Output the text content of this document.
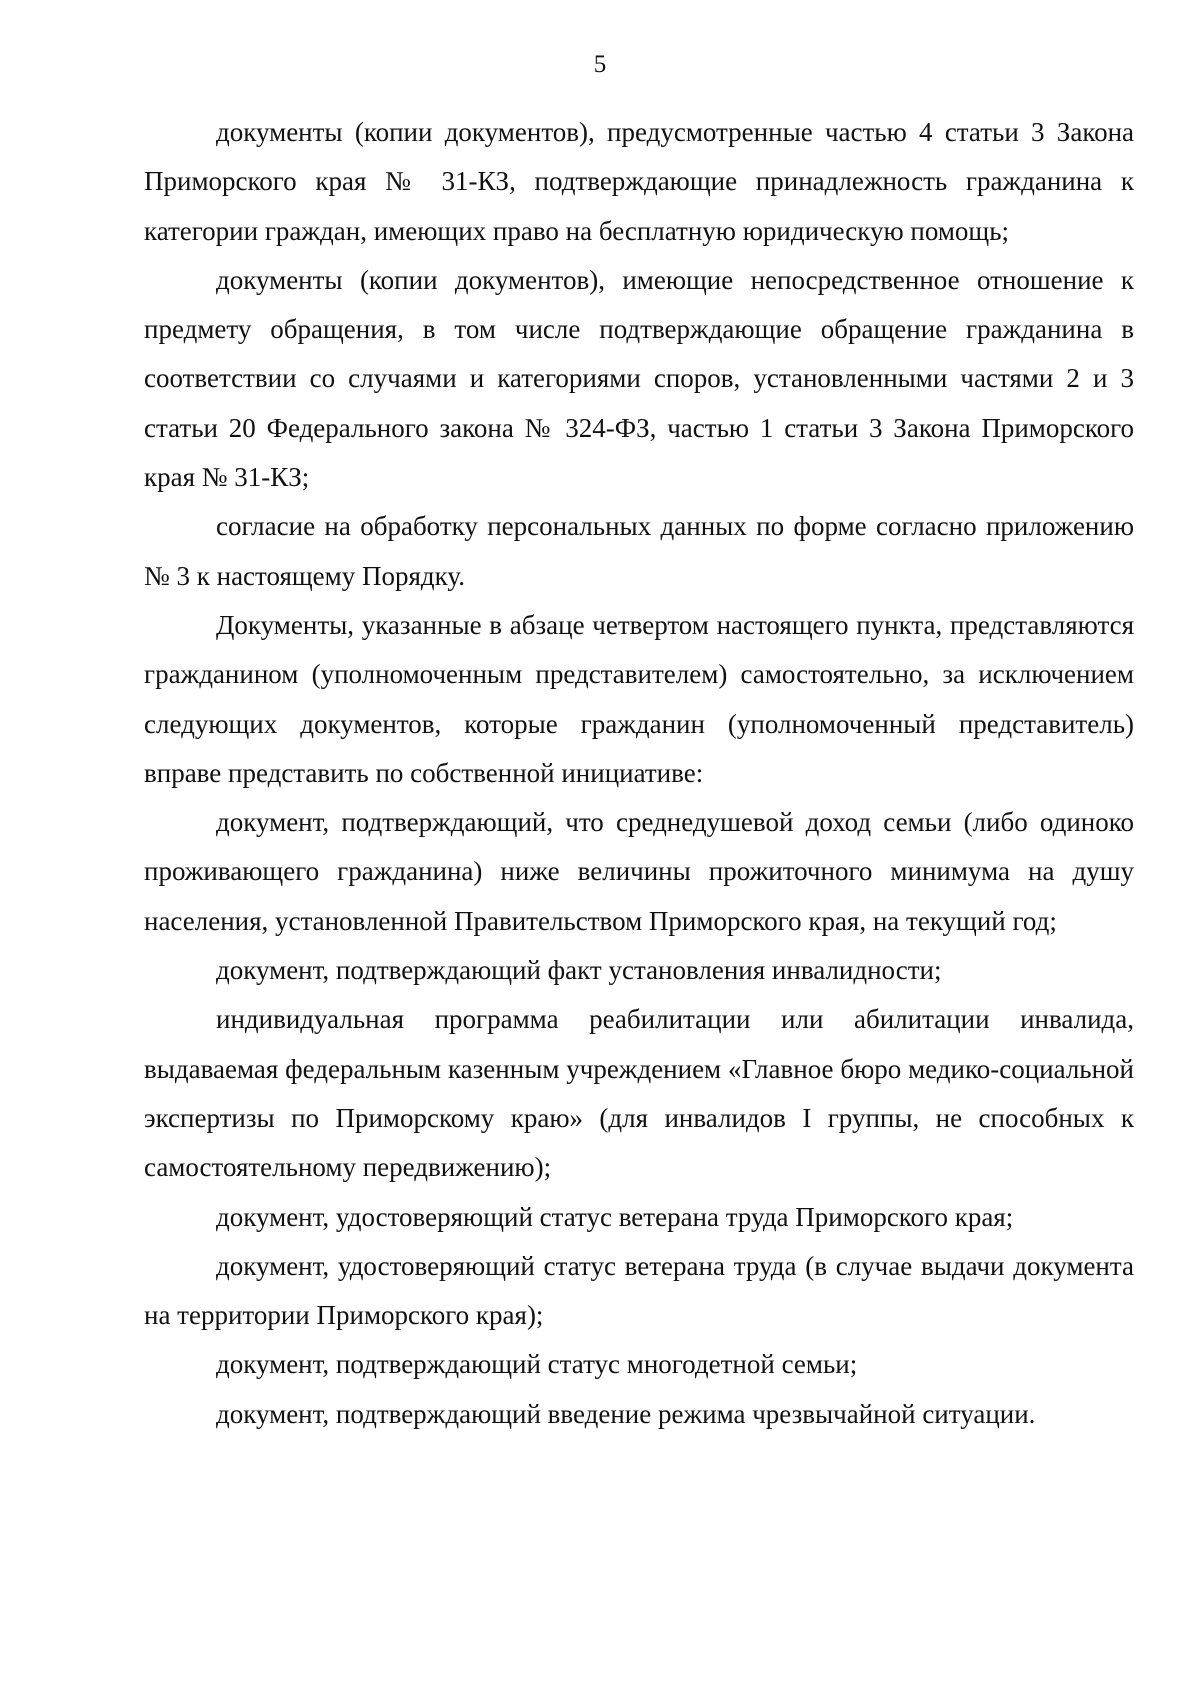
5

документы (копии документов), предусмотренные частью 4 статьи 3 Закона Приморского края № 31-КЗ, подтверждающие принадлежность гражданина к категории граждан, имеющих право на бесплатную юридическую помощь;

документы (копии документов), имеющие непосредственное отношение к предмету обращения, в том числе подтверждающие обращение гражданина в соответствии со случаями и категориями споров, установленными частями 2 и 3 статьи 20 Федерального закона № 324-ФЗ, частью 1 статьи 3 Закона Приморского края № 31-КЗ;

согласие на обработку персональных данных по форме согласно приложению № 3 к настоящему Порядку.

Документы, указанные в абзаце четвертом настоящего пункта, представляются гражданином (уполномоченным представителем) самостоятельно, за исключением следующих документов, которые гражданин (уполномоченный представитель) вправе представить по собственной инициативе:

документ, подтверждающий, что среднедушевой доход семьи (либо одиноко проживающего гражданина) ниже величины прожиточного минимума на душу населения, установленной Правительством Приморского края, на текущий год;

документ, подтверждающий факт установления инвалидности;

индивидуальная программа реабилитации или абилитации инвалида, выдаваемая федеральным казенным учреждением «Главное бюро медико-социальной экспертизы по Приморскому краю» (для инвалидов I группы, не способных к самостоятельному передвижению);

документ, удостоверяющий статус ветерана труда Приморского края;

документ, удостоверяющий статус ветерана труда (в случае выдачи документа на территории Приморского края);

документ, подтверждающий статус многодетной семьи;

документ, подтверждающий введение режима чрезвычайной ситуации.
